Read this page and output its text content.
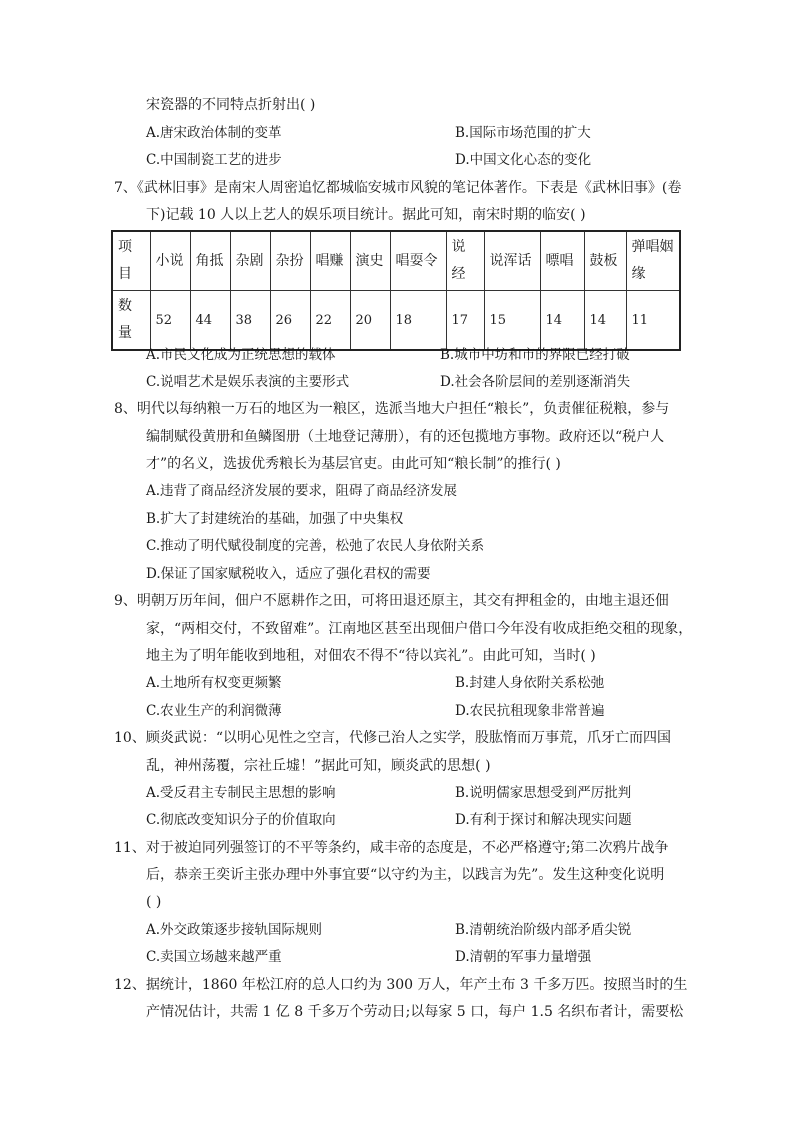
宋瓷器的不同特点折射出( )
A.唐宋政治体制的变革	B.国际市场范围的扩大
C.中国制瓷工艺的进步	D.中国文化心态的变化
7、《武林旧事》是南宋人周密追忆都城临安城市风貌的笔记体著作。下表是《武林旧事》(卷
下)记载 10 人以上艺人的娱乐项目统计。据此可知，南宋时期的临安( )
项目	小说	角抵	杂剧	杂扮	唱赚	演史	唱耍令	说经	说浑话	嘌唱	鼓板	弹唱姻缘
数量	52	44	38	26	22	20	18	17	15	14	14	11
A.市民文化成为正统思想的载体	B.城市中坊和市的界限已经打破
C.说唱艺术是娱乐表演的主要形式	D.社会各阶层间的差别逐渐消失
8、明代以每纳粮一万石的地区为一粮区，选派当地大户担任“粮长”，负责催征税粮，参与
编制赋役黄册和鱼鳞图册（土地登记薄册），有的还包揽地方事物。政府还以“税户人
才”的名义，选拔优秀粮长为基层官吏。由此可知“粮长制”的推行( )
A.违背了商品经济发展的要求，阻碍了商品经济发展
B.扩大了封建统治的基础，加强了中央集权
C.推动了明代赋役制度的完善，松弛了农民人身依附关系
D.保证了国家赋税收入，适应了强化君权的需要
9、明朝万历年间，佃户不愿耕作之田，可将田退还原主，其交有押租金的，由地主退还佃
家，“两相交付，不致留难”。江南地区甚至出现佃户借口今年没有收成拒绝交租的现象，
地主为了明年能收到地租，对佃农不得不“待以宾礼”。由此可知，当时( )
A.土地所有权变更频繁	B.封建人身依附关系松弛
C.农业生产的利润微薄	D.农民抗租现象非常普遍
10、顾炎武说：“以明心见性之空言，代修己治人之实学，股肱惰而万事荒，爪牙亡而四国
乱，神州荡覆，宗社丘墟！”据此可知，顾炎武的思想( )
A.受反君主专制民主思想的影响	B.说明儒家思想受到严厉批判
C.彻底改变知识分子的价值取向	D.有利于探讨和解决现实问题
11、对于被迫同列强签订的不平等条约，咸丰帝的态度是，不必严格遵守;第二次鸦片战争
后，恭亲王奕䜣主张办理中外事宜要“以守约为主，以践言为先”。发生这种变化说明
( )
A.外交政策逐步接轨国际规则	B.清朝统治阶级内部矛盾尖锐
C.卖国立场越来越严重	D.清朝的军事力量增强
12、据统计，1860 年松江府的总人口约为 300 万人，年产土布 3 千多万匹。按照当时的生
产情况估计，共需 1 亿 8 千多万个劳动日;以每家 5 口，每户 1.5 名织布者计，需要松
